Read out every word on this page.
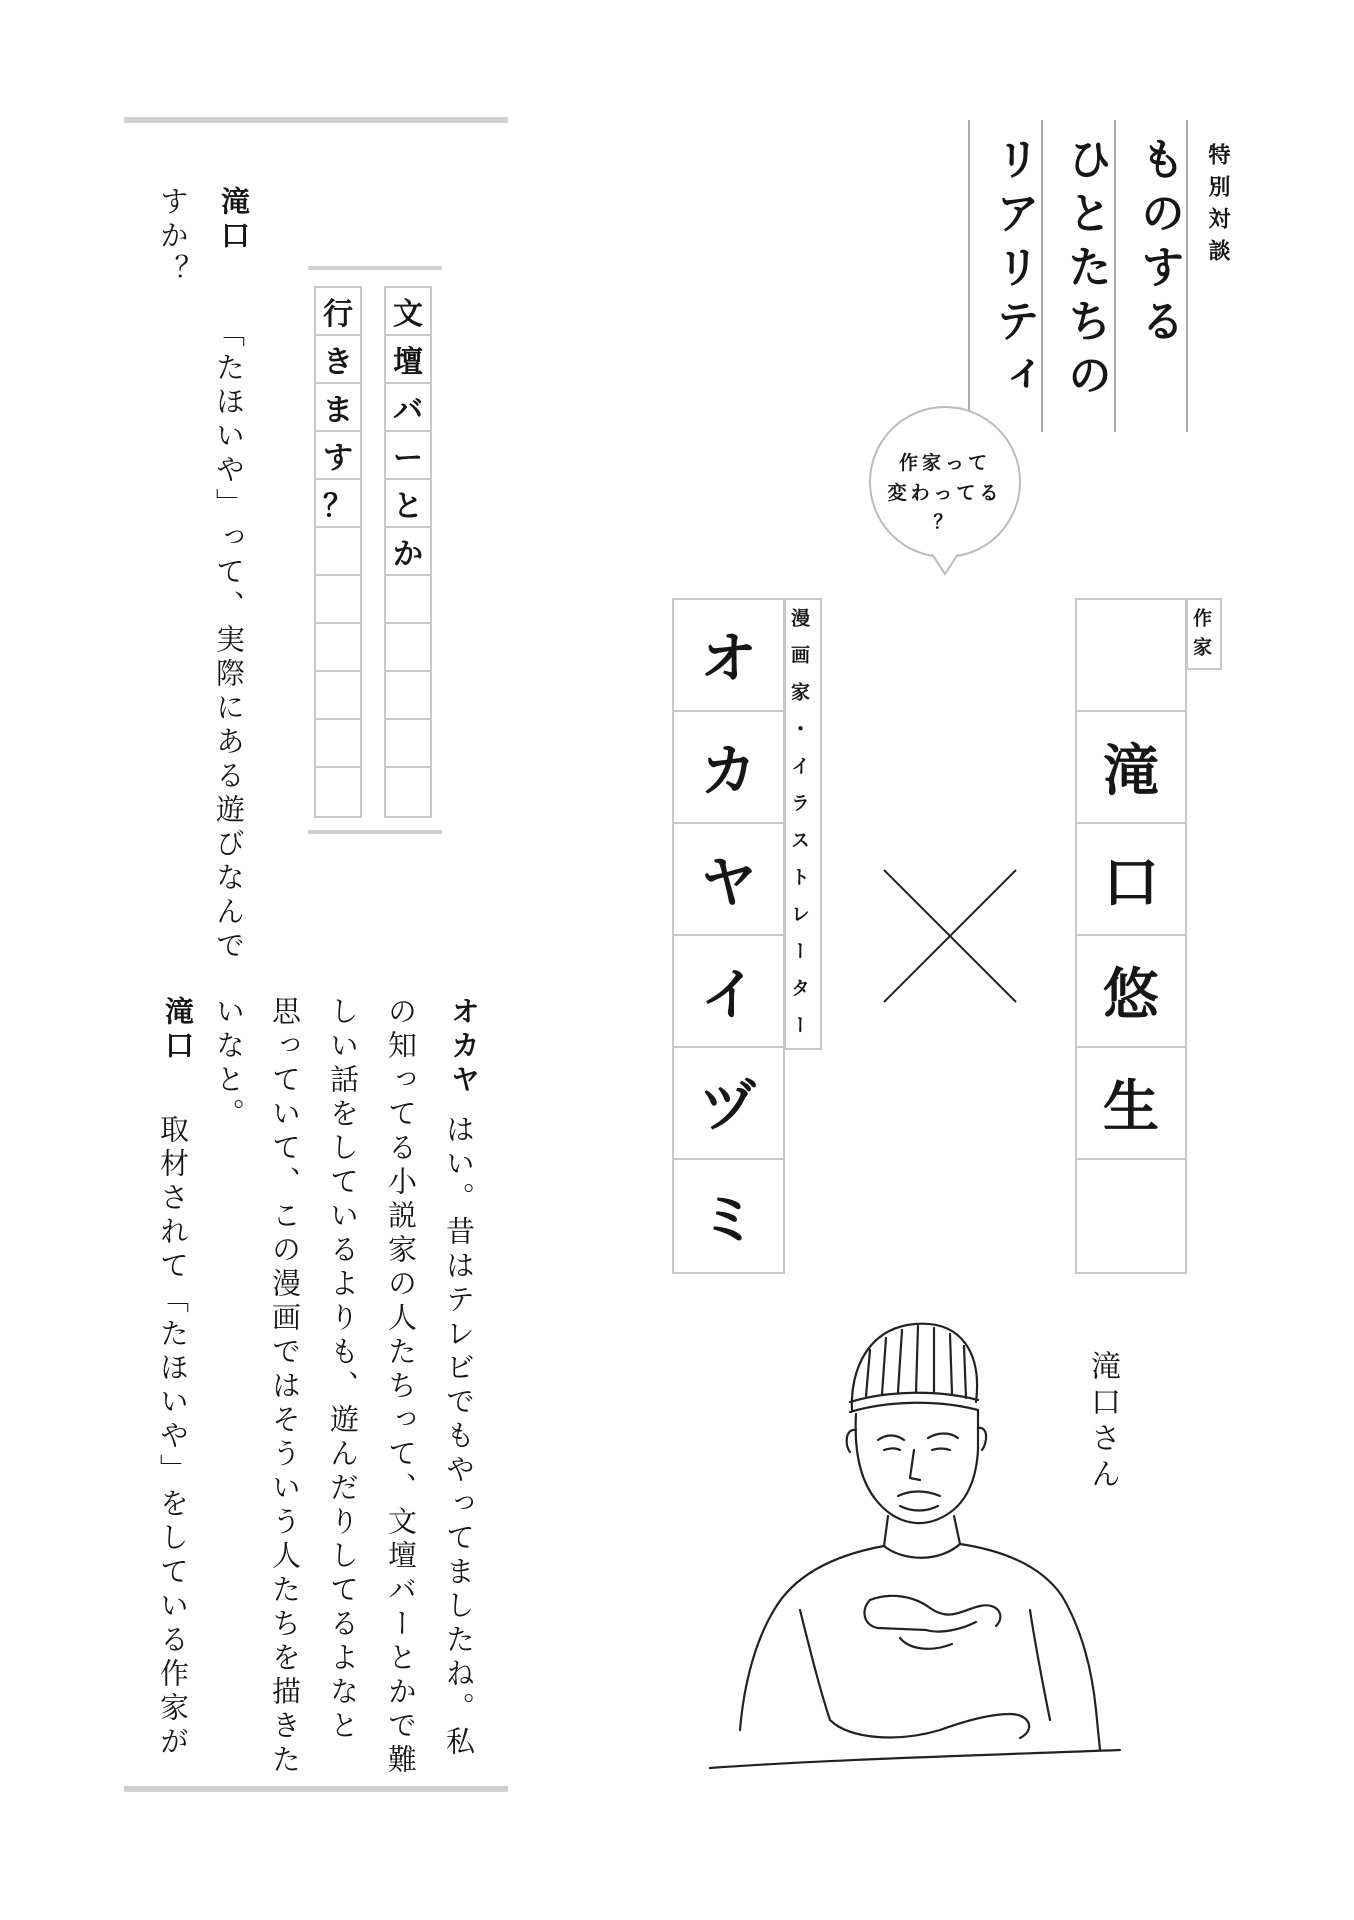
特別対談
ものする
ひとたちの
リアリティ
作家って
変わってる
？
作家
滝
口
悠
生
漫画家・イラストレーター
オ
カ
ヤ
イ
ヅ
ミ
文
壇
バ
ー
と
か
行
き
ま
す
？
滝口
「たほいや」って、実際にある遊びなんで
すか？
オカヤ
はい。昔はテレビでもやってましたね。私
の知ってる小説家の人たちって、文壇バーとかで難
しい話をしているよりも、遊んだりしてるよなと
思っていて、この漫画ではそういう人たちを描きた
いなと。
滝口
取材されて「たほいや」をしている作家が	滝口さん
